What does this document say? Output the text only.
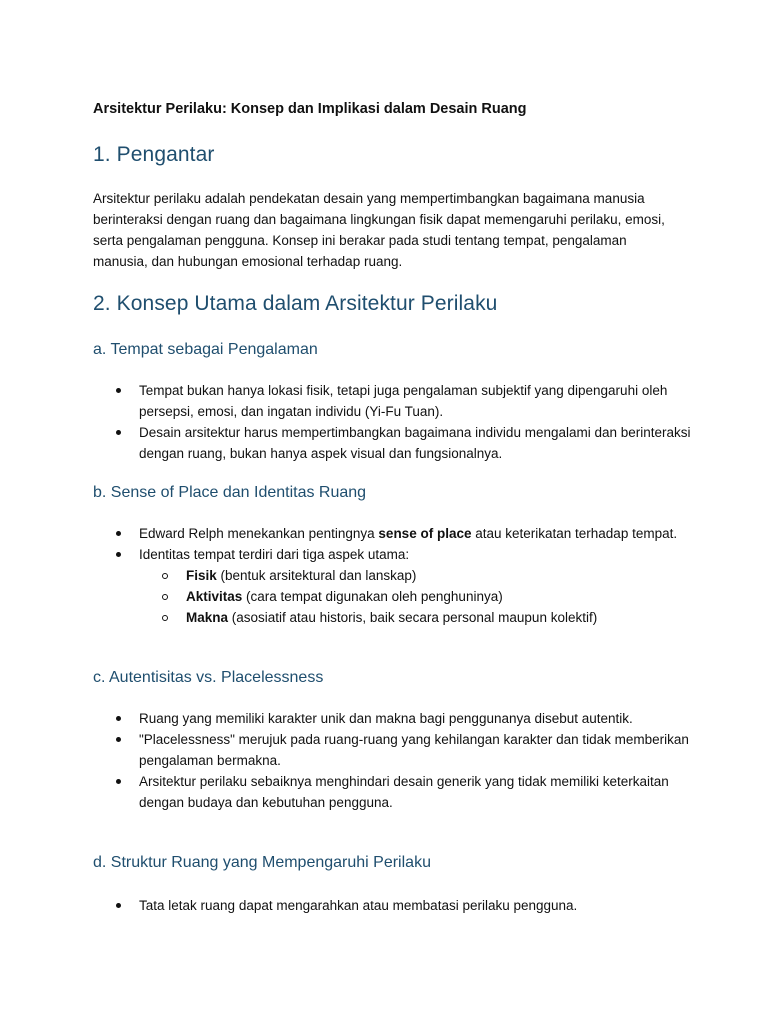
Arsitektur Perilaku: Konsep dan Implikasi dalam Desain Ruang

1. Pengantar

Arsitektur perilaku adalah pendekatan desain yang mempertimbangkan bagaimana manusia berinteraksi dengan ruang dan bagaimana lingkungan fisik dapat memengaruhi perilaku, emosi, serta pengalaman pengguna. Konsep ini berakar pada studi tentang tempat, pengalaman manusia, dan hubungan emosional terhadap ruang.

2. Konsep Utama dalam Arsitektur Perilaku
a. Tempat sebagai Pengalaman
Tempat bukan hanya lokasi fisik, tetapi juga pengalaman subjektif yang dipengaruhi oleh persepsi, emosi, dan ingatan individu (Yi-Fu Tuan).
Desain arsitektur harus mempertimbangkan bagaimana individu mengalami dan berinteraksi dengan ruang, bukan hanya aspek visual dan fungsionalnya.
b. Sense of Place dan Identitas Ruang
Edward Relph menekankan pentingnya sense of place atau keterikatan terhadap tempat.
Identitas tempat terdiri dari tiga aspek utama:
Fisik (bentuk arsitektural dan lanskap)
Aktivitas (cara tempat digunakan oleh penghuninya)
Makna (asosiatif atau historis, baik secara personal maupun kolektif)
c. Autentisitas vs. Placelessness
Ruang yang memiliki karakter unik dan makna bagi penggunanya disebut autentik.
"Placelessness" merujuk pada ruang-ruang yang kehilangan karakter dan tidak memberikan pengalaman bermakna.
Arsitektur perilaku sebaiknya menghindari desain generik yang tidak memiliki keterkaitan dengan budaya dan kebutuhan pengguna.
d. Struktur Ruang yang Mempengaruhi Perilaku
Tata letak ruang dapat mengarahkan atau membatasi perilaku pengguna.
